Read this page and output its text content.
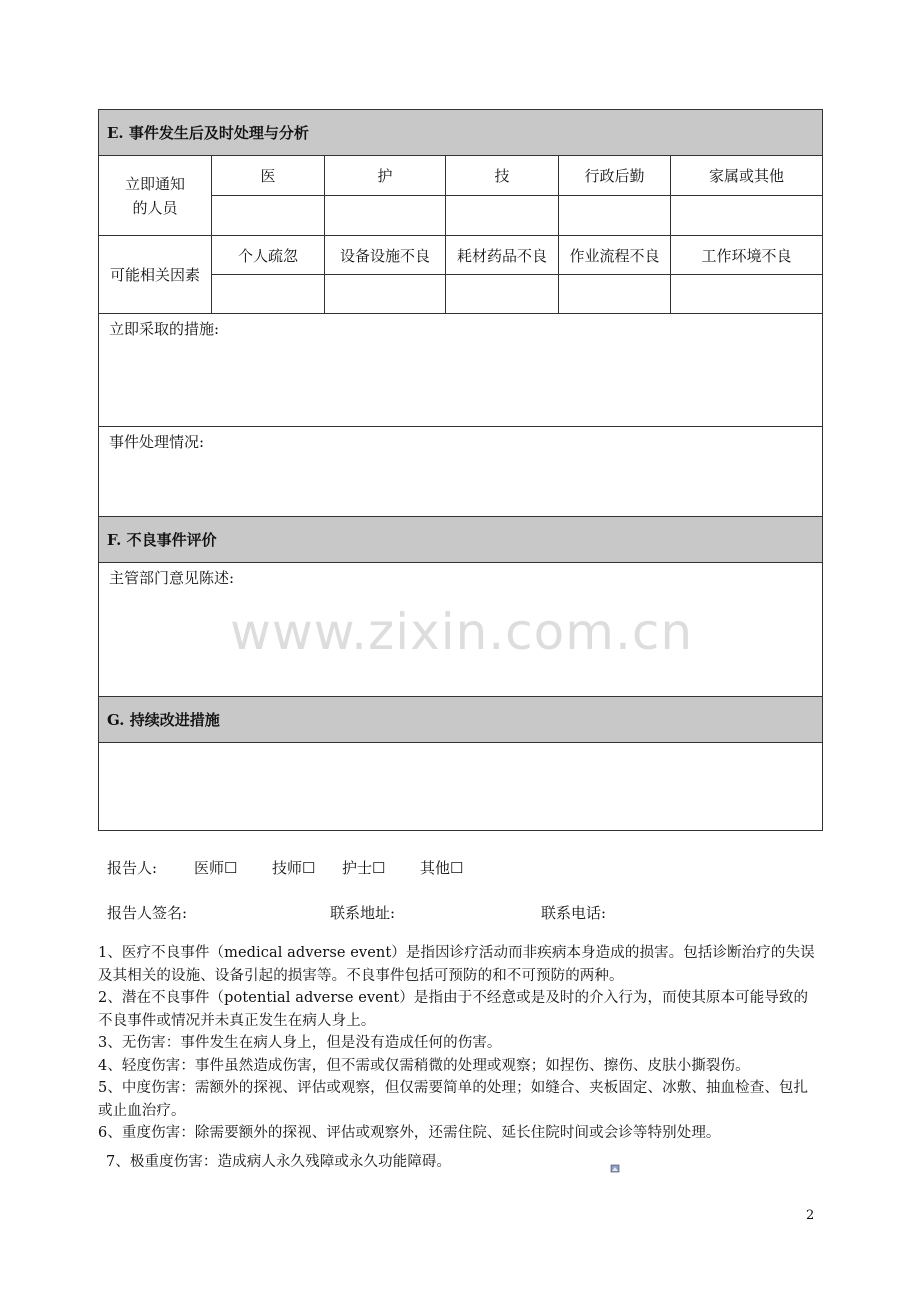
E. 事件发生后及时处理与分析					

立即通知
的人员	医	护	技	行政后勤	家属或其他

可能相关因素	个人疏忽	设备设施不良	耗材药品不良	作业流程不良	工作环境不良

立即采取的措施:					
事件处理情况:					
F. 不良事件评价					
主管部门意见陈述:					
G. 持续改进措施					

www.zixin.com.cn
报告人: 医师☐ 技师☐ 护士☐ 其他☐
报告人签名:	联系地址:	联系电话:

1、医疗不良事件（medical adverse event）是指因诊疗活动而非疾病本身造成的损害。包括诊断治疗的失误及其相关的设施、设备引起的损害等。不良事件包括可预防的和不可预防的两种。

2、潜在不良事件（potential adverse event）是指由于不经意或是及时的介入行为，而使其原本可能导致的不良事件或情况并未真正发生在病人身上。

3、无伤害：事件发生在病人身上，但是没有造成任何的伤害。

4、轻度伤害：事件虽然造成伤害，但不需或仅需稍微的处理或观察；如捏伤、擦伤、皮肤小撕裂伤。

5、中度伤害：需额外的探视、评估或观察，但仅需要简单的处理；如缝合、夹板固定、冰敷、抽血检查、包扎或止血治疗。

6、重度伤害：除需要额外的探视、评估或观察外，还需住院、延长住院时间或会诊等特别处理。

7、极重度伤害：造成病人永久残障或永久功能障碍。

2
